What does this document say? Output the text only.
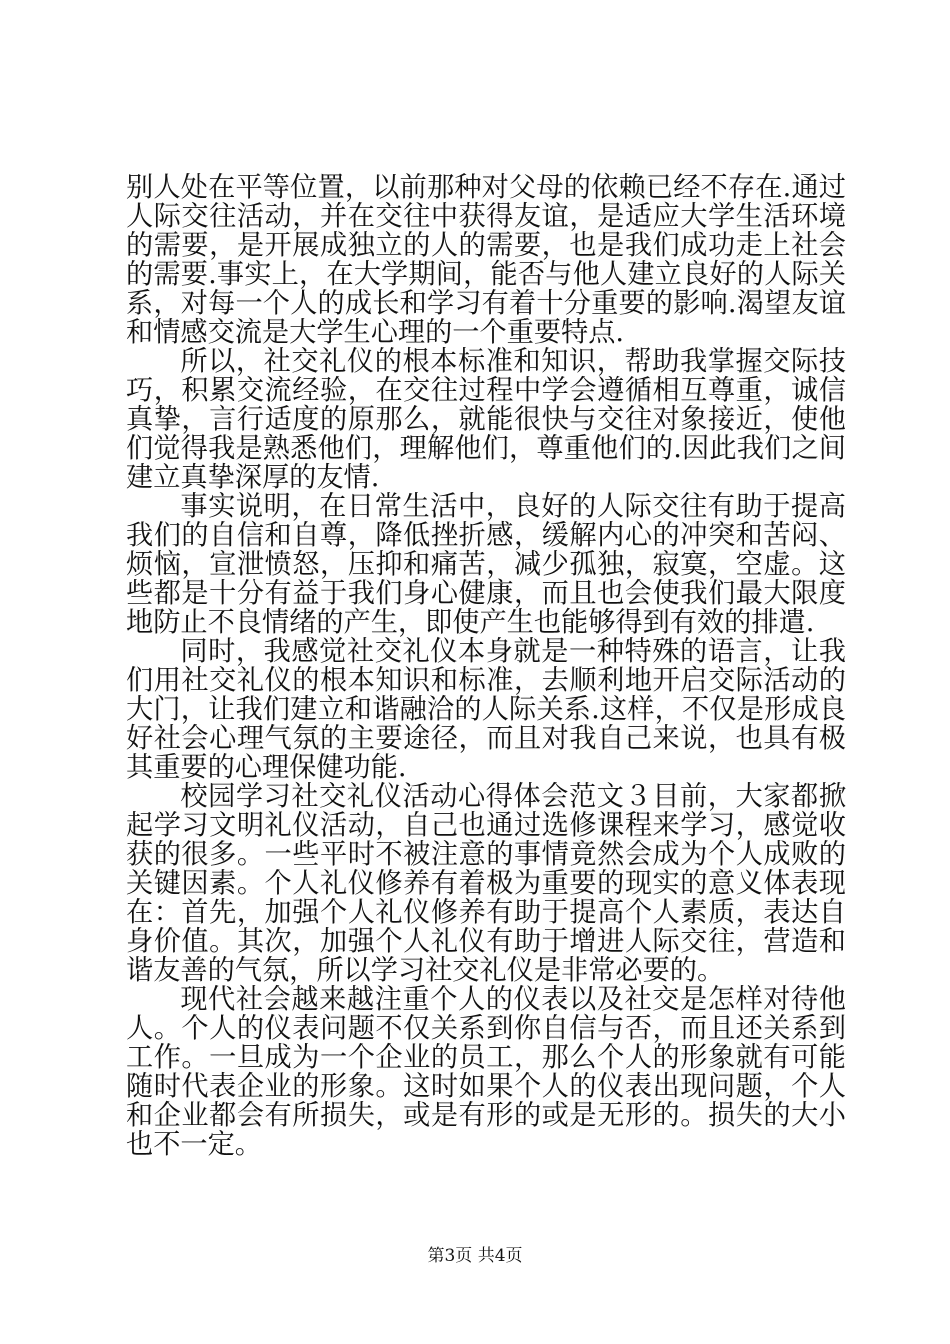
别人处在平等位置，以前那种对父母的依赖已经不存在.通过人际交往活动，并在交往中获得友谊，是适应大学生活环境的需要，是开展成独立的人的需要，也是我们成功走上社会的需要.事实上，在大学期间，能否与他人建立良好的人际关系，对每一个人的成长和学习有着十分重要的影响.渴望友谊和情感交流是大学生心理的一个重要特点.

所以，社交礼仪的根本标准和知识，帮助我掌握交际技巧，积累交流经验，在交往过程中学会遵循相互尊重，诚信真挚，言行适度的原那么，就能很快与交往对象接近，使他们觉得我是熟悉他们，理解他们，尊重他们的.因此我们之间建立真挚深厚的友情.

事实说明，在日常生活中，良好的人际交往有助于提高我们的自信和自尊，降低挫折感，缓解内心的冲突和苦闷、烦恼，宣泄愤怒，压抑和痛苦，减少孤独，寂寞，空虚。这些都是十分有益于我们身心健康，而且也会使我们最大限度地防止不良情绪的产生，即使产生也能够得到有效的排遣.

同时，我感觉社交礼仪本身就是一种特殊的语言，让我们用社交礼仪的根本知识和标准，去顺利地开启交际活动的大门，让我们建立和谐融洽的人际关系.这样，不仅是形成良好社会心理气氛的主要途径，而且对我自己来说，也具有极其重要的心理保健功能.

校园学习社交礼仪活动心得体会范文３目前，大家都掀起学习文明礼仪活动，自己也通过选修课程来学习，感觉收获的很多。一些平时不被注意的事情竟然会成为个人成败的关键因素。个人礼仪修养有着极为重要的现实的意义体表现在：首先，加强个人礼仪修养有助于提高个人素质，表达自身价值。其次，加强个人礼仪有助于增进人际交往，营造和谐友善的气氛，所以学习社交礼仪是非常必要的。

现代社会越来越注重个人的仪表以及社交是怎样对待他人。个人的仪表问题不仅关系到你自信与否，而且还关系到工作。一旦成为一个企业的员工，那么个人的形象就有可能随时代表企业的形象。这时如果个人的仪表出现问题，个人和企业都会有所损失，或是有形的或是无形的。损失的大小也不一定。

第3页 共4页
